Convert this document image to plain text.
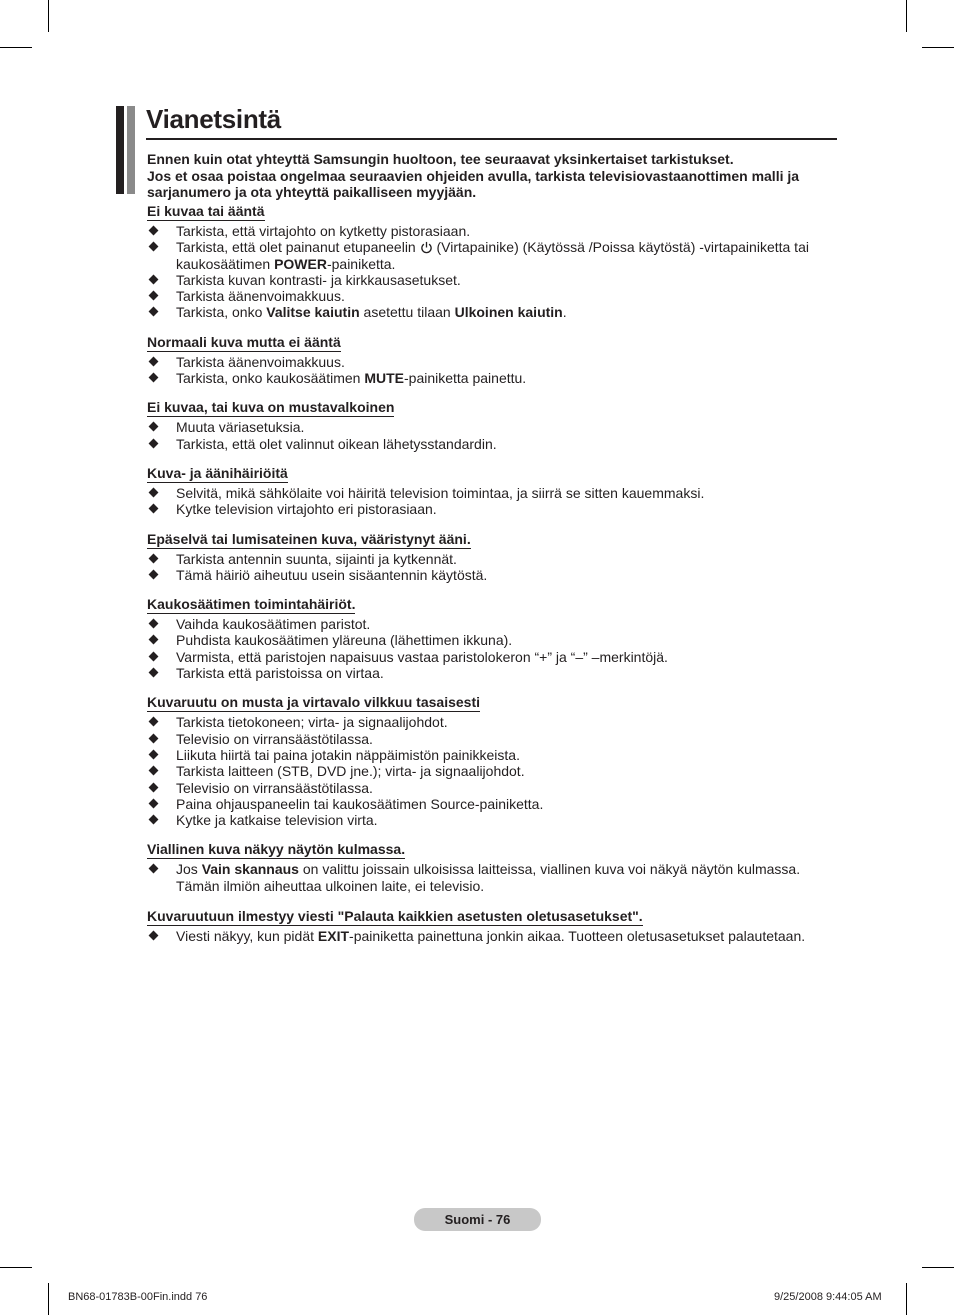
Vianetsintä
Ennen kuin otat yhteyttä Samsungin huoltoon, tee seuraavat yksinkertaiset tarkistukset.
Jos et osaa poistaa ongelmaa seuraavien ohjeiden avulla, tarkista televisiovastaanottimen malli ja sarjanumero ja ota yhteyttä paikalliseen myyjään.
Ei kuvaa tai ääntä
Tarkista, että virtajohto on kytketty pistorasiaan.
Tarkista, että olet painanut etupaneelin  (Virtapainike) (Käytössä /Poissa käytöstä) -virtapainiketta tai kaukosäätimen POWER-painiketta.
Tarkista kuvan kontrasti- ja kirkkausasetukset.
Tarkista äänenvoimakkuus.
Tarkista, onko Valitse kaiutin asetettu tilaan Ulkoinen kaiutin.
Normaali kuva mutta ei ääntä
Tarkista äänenvoimakkuus.
Tarkista, onko kaukosäätimen MUTE-painiketta painettu.
Ei kuvaa, tai kuva on mustavalkoinen
Muuta väriasetuksia.
Tarkista, että olet valinnut oikean lähetysstandardin.
Kuva- ja äänihäiriöitä
Selvitä, mikä sähkölaite voi häiritä television toimintaa, ja siirrä se sitten kauemmaksi.
Kytke television virtajohto eri pistorasiaan.
Epäselvä tai lumisateinen kuva, vääristynyt ääni.
Tarkista antennin suunta, sijainti ja kytkennät.
Tämä häiriö aiheutuu usein sisäantennin käytöstä.
Kaukosäätimen toimintahäiriöt.
Vaihda kaukosäätimen paristot.
Puhdista kaukosäätimen yläreuna (lähettimen ikkuna).
Varmista, että paristojen napaisuus vastaa paristolokeron “+” ja “–” –merkintöjä.
Tarkista että paristoissa on virtaa.
Kuvaruutu on musta ja virtavalo vilkkuu tasaisesti
Tarkista tietokoneen; virta- ja signaalijohdot.
Televisio on virransäästötilassa.
Liikuta hiirtä tai paina jotakin näppäimistön painikkeista.
Tarkista laitteen (STB, DVD jne.); virta- ja signaalijohdot.
Televisio on virransäästötilassa.
Paina ohjauspaneelin tai kaukosäätimen Source-painiketta.
Kytke ja katkaise television virta.
Viallinen kuva näkyy näytön kulmassa.
Jos Vain skannaus on valittu joissain ulkoisissa laitteissa, viallinen kuva voi näkyä näytön kulmassa. Tämän ilmiön aiheuttaa ulkoinen laite, ei televisio.
Kuvaruutuun ilmestyy viesti "Palauta kaikkien asetusten oletusasetukset".
Viesti näkyy, kun pidät EXIT-painiketta painettuna jonkin aikaa. Tuotteen oletusasetukset palautetaan.
Suomi - 76
BN68-01783B-00Fin.indd 76	9/25/2008 9:44:05 AM
